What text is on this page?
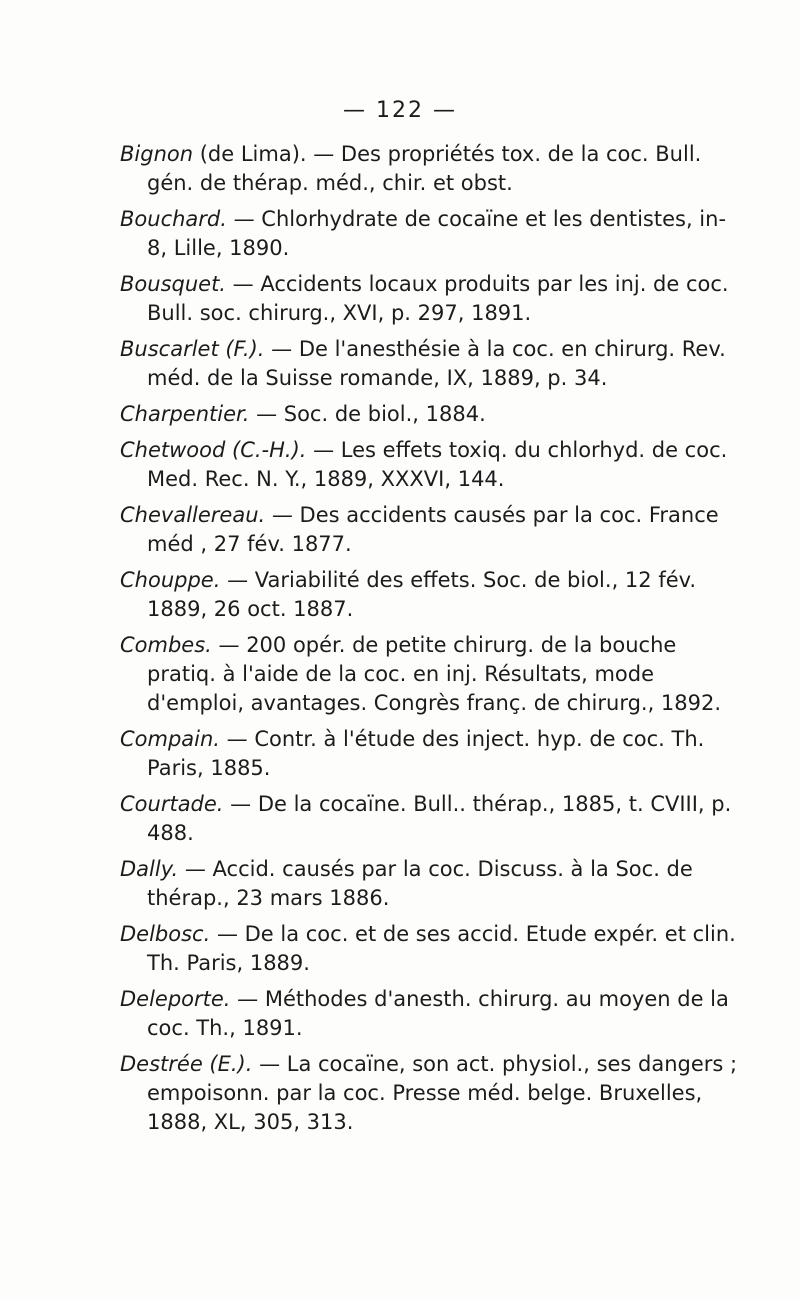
— 122 —

Bignon (de Lima). — Des propriétés tox. de la coc. Bull. gén. de thérap. méd., chir. et obst.

Bouchard. — Chlorhydrate de cocaïne et les dentistes, in-8, Lille, 1890.

Bousquet. — Accidents locaux produits par les inj. de coc. Bull. soc. chirurg., XVI, p. 297, 1891.

Buscarlet (F.). — De l'anesthésie à la coc. en chirurg. Rev. méd. de la Suisse romande, IX, 1889, p. 34.

Charpentier. — Soc. de biol., 1884.

Chetwood (C.-H.). — Les effets toxiq. du chlorhyd. de coc. Med. Rec. N. Y., 1889, XXXVI, 144.

Chevallereau. — Des accidents causés par la coc. France méd , 27 fév. 1877.

Chouppe. — Variabilité des effets. Soc. de biol., 12 fév. 1889, 26 oct. 1887.

Combes. — 200 opér. de petite chirurg. de la bouche pratiq. à l'aide de la coc. en inj. Résultats, mode d'emploi, avantages. Congrès franç. de chirurg., 1892.

Compain. — Contr. à l'étude des inject. hyp. de coc. Th. Paris, 1885.

Courtade. — De la cocaïne. Bull.. thérap., 1885, t. CVIII, p. 488.

Dally. — Accid. causés par la coc. Discuss. à la Soc. de thérap., 23 mars 1886.

Delbosc. — De la coc. et de ses accid. Etude expér. et clin. Th. Paris, 1889.

Deleporte. — Méthodes d'anesth. chirurg. au moyen de la coc. Th., 1891.

Destrée (E.). — La cocaïne, son act. physiol., ses dangers ; empoisonn. par la coc. Presse méd. belge. Bruxelles, 1888, XL, 305, 313.
